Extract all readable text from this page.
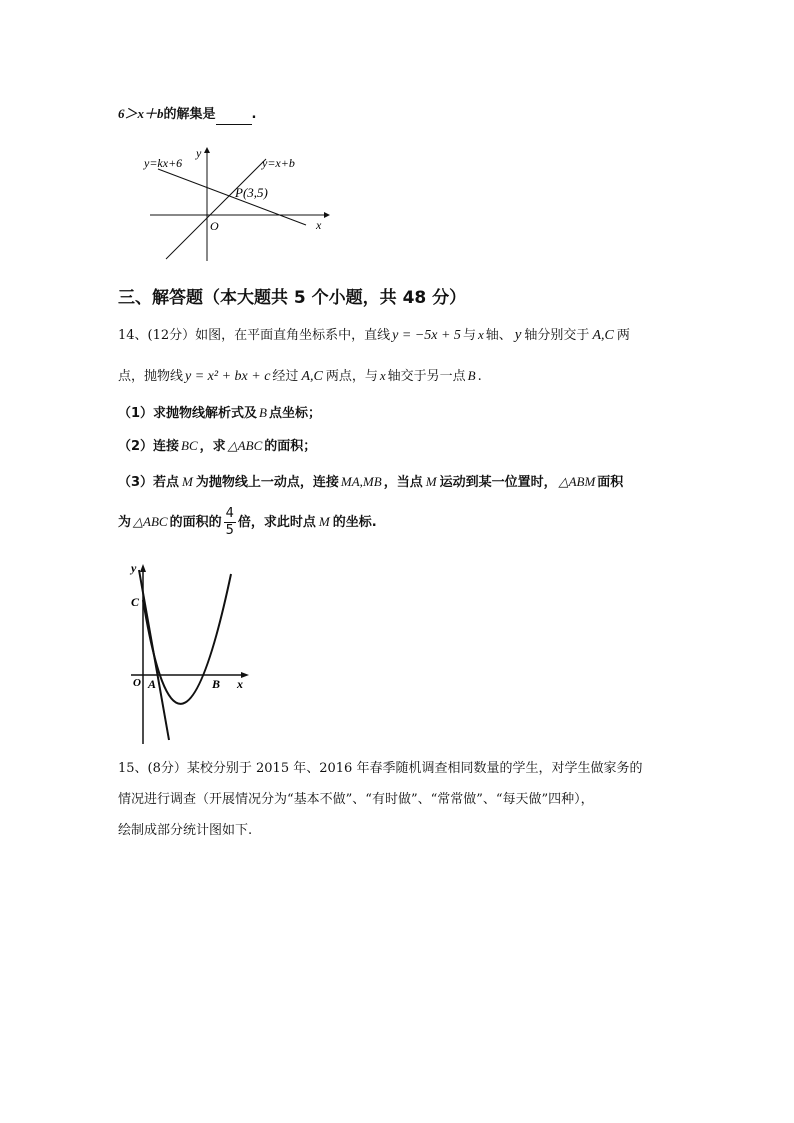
6＞x＋b的解集是	.
y=kx+6	y=x+b
P(3,5)
y
x
O
三、解答题（本大题共 5 个小题，共 48 分）
14、(12分）如图，在平面直角坐标系中，直线 y = −5x + 5 与 x 轴、 y 轴分别交于 A,C 两
点，抛物线 y = x² + bx + c 经过 A,C 两点，与 x 轴交于另一点 B .
（1）求抛物线解析式及 B 点坐标；
（2）连接 BC ，求 △ABC 的面积；
（3）若点 M 为抛物线上一动点，连接 MA,MB ，当点 M 运动到某一位置时， △ABM 面积
为 △ABC 的面积的 $\frac{4}{5}$ 倍，求此时点 M 的坐标.
y
C
O A	B x
15、(8分）某校分别于 2015 年、2016 年春季随机调查相同数量的学生，对学生做家务的
情况进行调查（开展情况分为“基本不做”、“有时做”、“常常做”、“每天做”四种），
绘制成部分统计图如下.
